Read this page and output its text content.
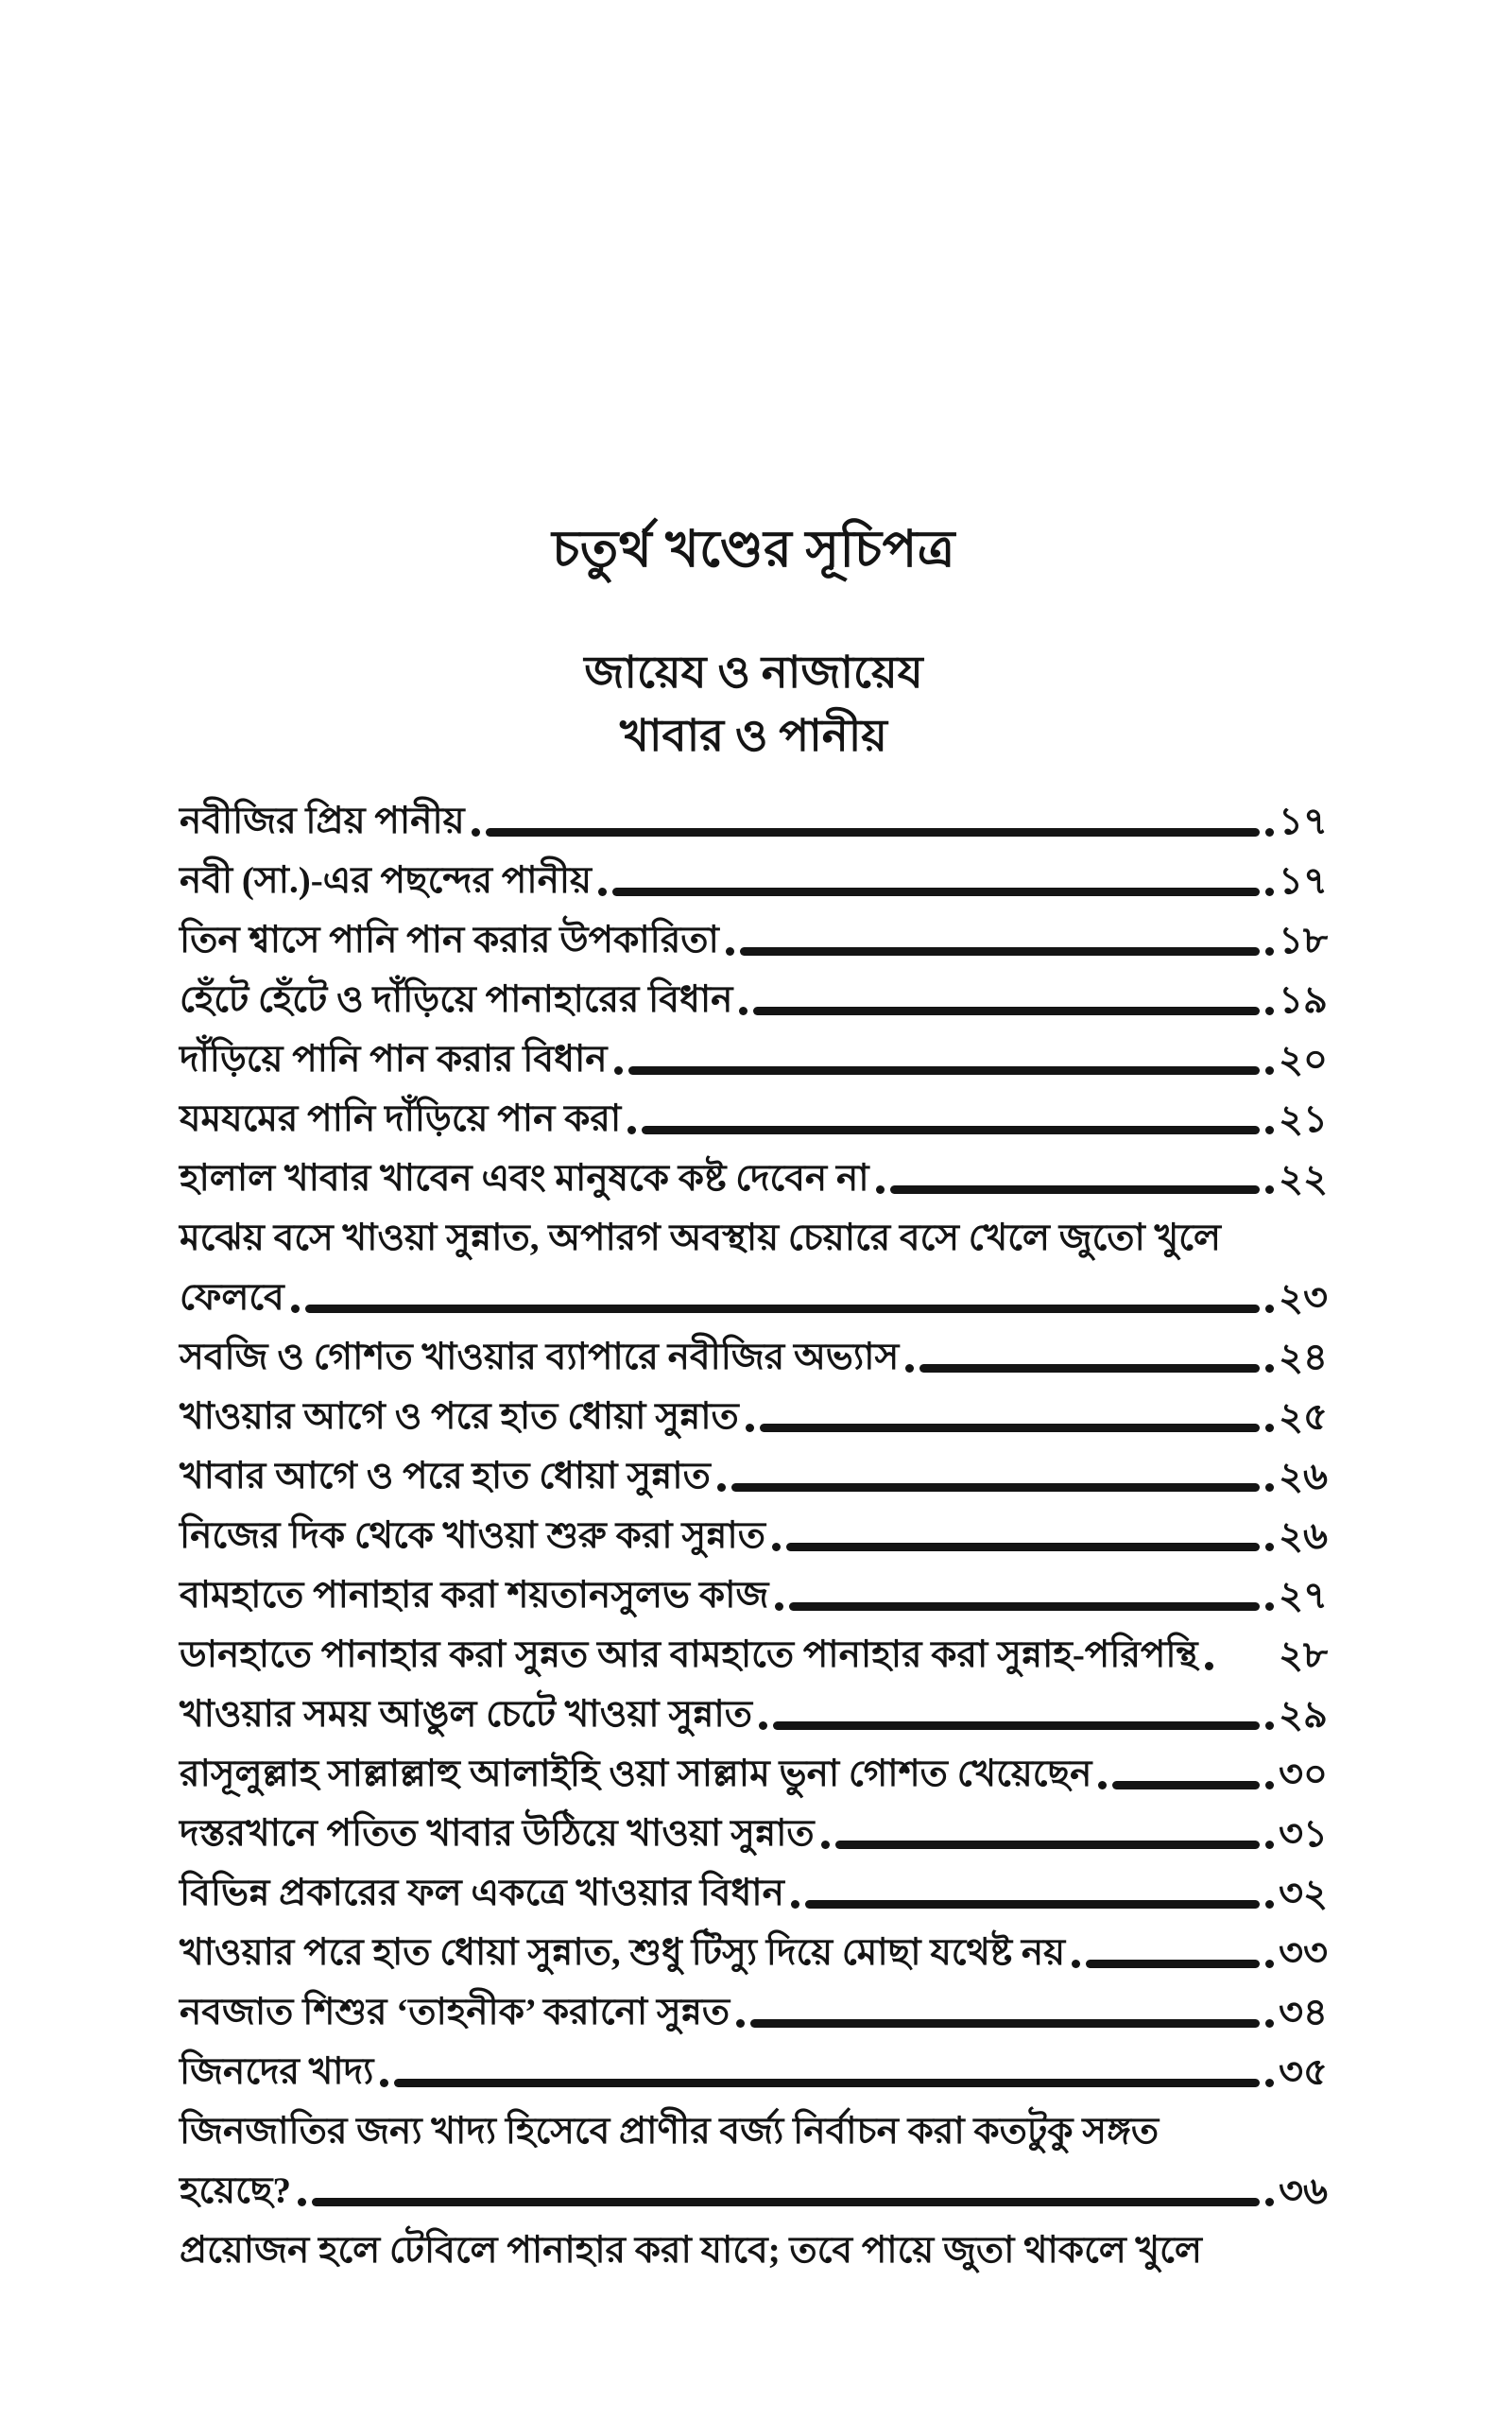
চতুর্থ খণ্ডের সূচিপত্র
জায়েয ও নাজায়েয
খাবার ও পানীয়
নবীজির প্রিয় পানীয়	১৭
নবী (সা.)-এর পছন্দের পানীয়	১৭
তিন শ্বাসে পানি পান করার উপকারিতা	১৮
হেঁটে হেঁটে ও দাঁড়িয়ে পানাহারের বিধান	১৯
দাঁড়িয়ে পানি পান করার বিধান	২০
যমযমের পানি দাঁড়িয়ে পান করা	২১
হালাল খাবার খাবেন এবং মানুষকে কষ্ট দেবেন না	২২
মঝেয় বসে খাওয়া সুন্নাত, অপারগ অবস্থায় চেয়ারে বসে খেলে জুতো খুলে
ফেলবে	২৩
সবজি ও গোশত খাওয়ার ব্যাপারে নবীজির অভ্যাস	২৪
খাওয়ার আগে ও পরে হাত ধোয়া সুন্নাত	২৫
খাবার আগে ও পরে হাত ধোয়া সুন্নাত	২৬
নিজের দিক থেকে খাওয়া শুরু করা সুন্নাত	২৬
বামহাতে পানাহার করা শয়তানসুলভ কাজ	২৭
ডানহাতে পানাহার করা সুন্নত আর বামহাতে পানাহার করা সুন্নাহ-পরিপন্থি ২৮
খাওয়ার সময় আঙুল চেটে খাওয়া সুন্নাত	২৯
রাসূলুল্লাহ সাল্লাল্লাহু আলাইহি ওয়া সাল্লাম ভুনা গোশত খেয়েছেন	৩০
দস্তরখানে পতিত খাবার উঠিয়ে খাওয়া সুন্নাত	৩১
বিভিন্ন প্রকারের ফল একত্রে খাওয়ার বিধান	৩২
খাওয়ার পরে হাত ধোয়া সুন্নাত, শুধু টিস্যু দিয়ে মোছা যথেষ্ট নয়	৩৩
নবজাত শিশুর ‘তাহনীক’ করানো সুন্নত	৩৪
জিনদের খাদ্য	৩৫
জিনজাতির জন্য খাদ্য হিসেবে প্রাণীর বর্জ্য নির্বাচন করা কতটুকু সঙ্গত
হয়েছে?	৩৬
প্রয়োজন হলে টেবিলে পানাহার করা যাবে; তবে পায়ে জুতা থাকলে খুলে
